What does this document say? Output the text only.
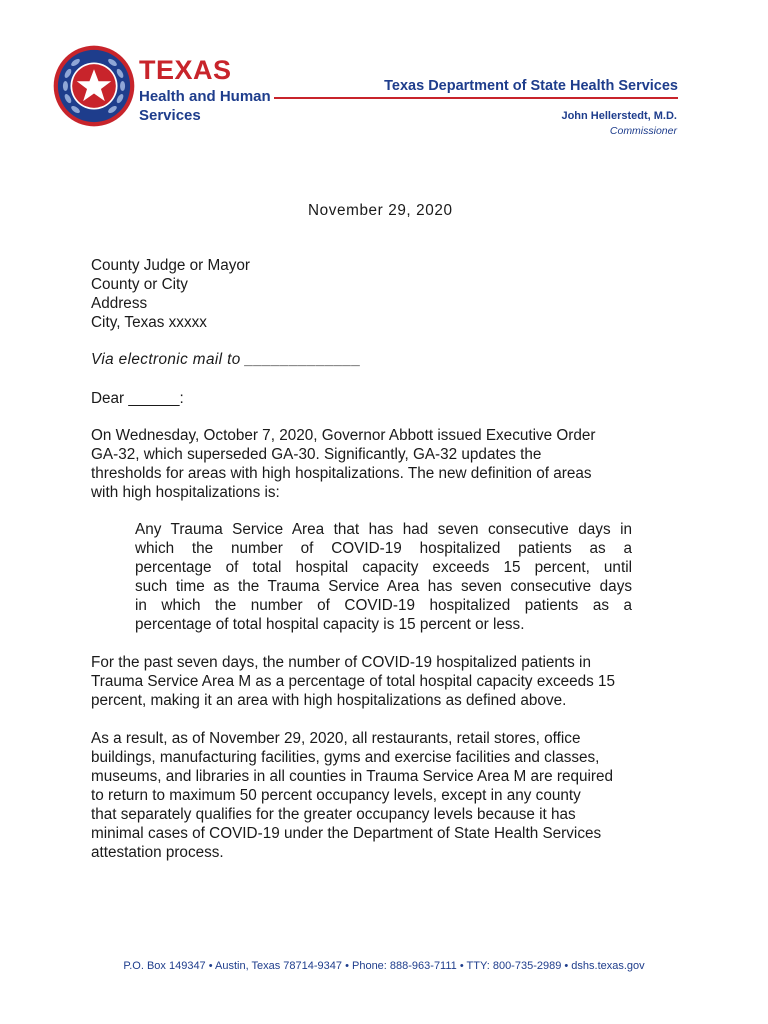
TEXAS
Health and Human
Services
Texas Department of State Health Services
John Hellerstedt, M.D.
Commissioner
November 29, 2020
County Judge or Mayor
County or City
Address
City, Texas xxxxx
Via electronic mail to _____________
Dear ______:
On Wednesday, October 7, 2020, Governor Abbott issued Executive Order
GA-32, which superseded GA-30. Significantly, GA-32 updates the
thresholds for areas with high hospitalizations. The new definition of areas
with high hospitalizations is:
Any Trauma Service Area that has had seven consecutive days in
which the number of COVID-19 hospitalized patients as a
percentage of total hospital capacity exceeds 15 percent, until
such time as the Trauma Service Area has seven consecutive days
in which the number of COVID-19 hospitalized patients as a
percentage of total hospital capacity is 15 percent or less.
For the past seven days, the number of COVID-19 hospitalized patients in
Trauma Service Area M as a percentage of total hospital capacity exceeds 15
percent, making it an area with high hospitalizations as defined above.
As a result, as of November 29, 2020, all restaurants, retail stores, office
buildings, manufacturing facilities, gyms and exercise facilities and classes,
museums, and libraries in all counties in Trauma Service Area M are required
to return to maximum 50 percent occupancy levels, except in any county
that separately qualifies for the greater occupancy levels because it has
minimal cases of COVID-19 under the Department of State Health Services
attestation process.
P.O. Box 149347 • Austin, Texas 78714-9347 • Phone: 888-963-7111 • TTY: 800-735-2989 • dshs.texas.gov
